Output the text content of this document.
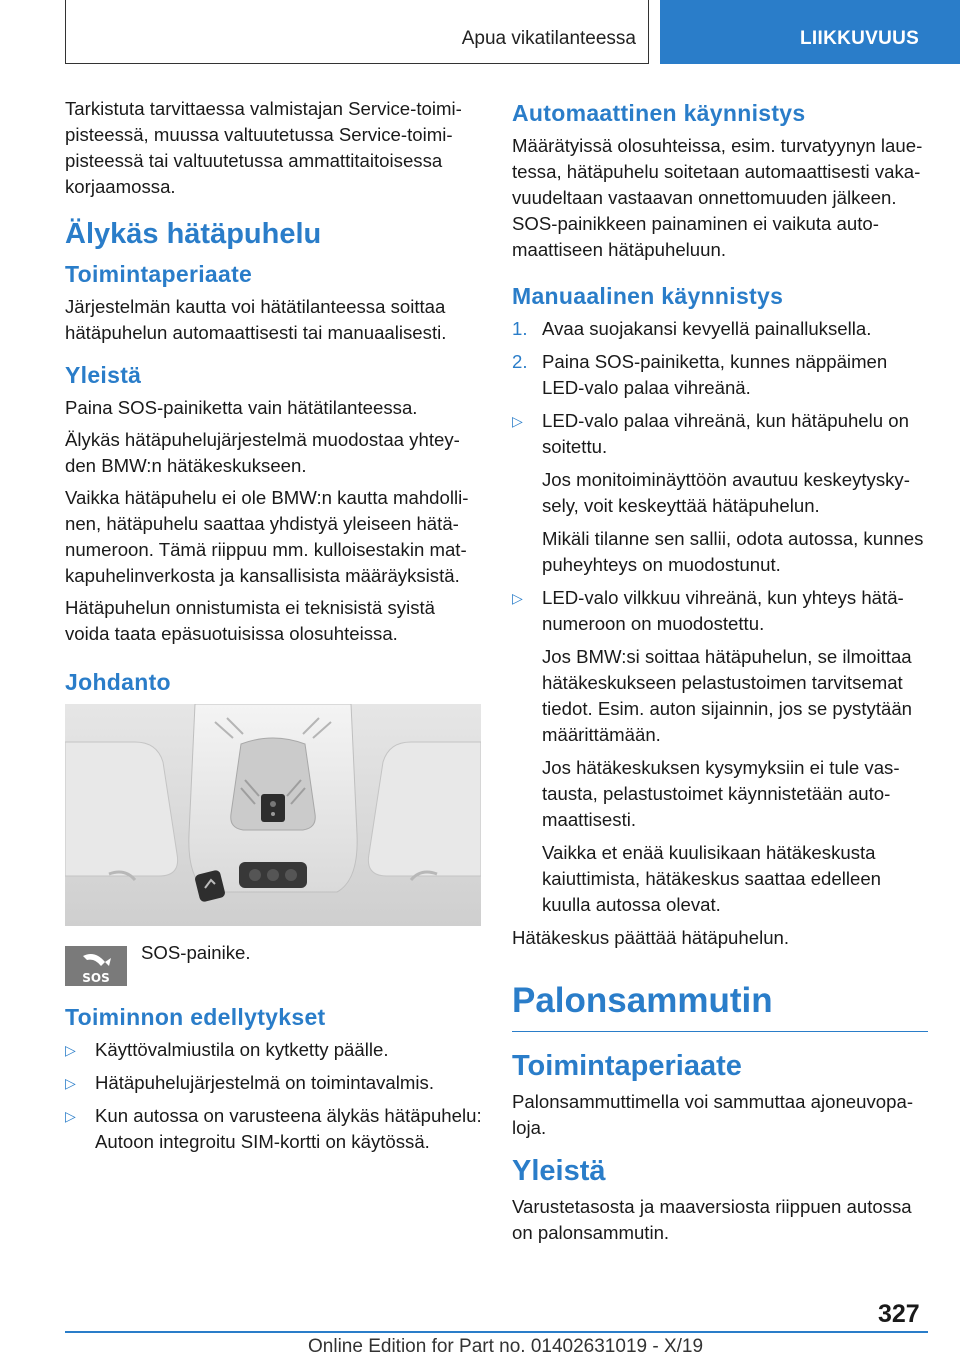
Apua vikatilanteessa	LIIKKUVUUS

Tarkistuta tarvittaessa valmistajan Service-toimipisteessä, muussa valtuutetussa Service-toimipisteessä tai valtuutetussa ammattitaitoisessa korjaamossa.

Älykäs hätäpuhelu
Toimintaperiaate

Järjestelmän kautta voi hätätilanteessa soittaa hätäpuhelun automaattisesti tai manuaalisesti.

Yleistä

Paina SOS-painiketta vain hätätilanteessa.

Älykäs hätäpuhelujärjestelmä muodostaa yhteyden BMW:n hätäkeskukseen.

Vaikka hätäpuhelu ei ole BMW:n kautta mahdollinen, hätäpuhelu saattaa yhdistyä yleiseen hätänumeroon. Tämä riippuu mm. kulloisestakin matkapuhelinverkosta ja kansallisista määräyksistä.

Hätäpuhelun onnistumista ei teknisistä syistä voida taata epäsuotuisissa olosuhteissa.

Johdanto
SOS
SOS-painike.
Toiminnon edellytykset
▷ Käyttövalmiustila on kytketty päälle.
▷ Hätäpuhelujärjestelmä on toimintavalmis.
▷ Kun autossa on varusteena älykäs hätäpuhelu: Autoon integroitu SIM-kortti on käytössä.
Automaattinen käynnistys

Määrätyissä olosuhteissa, esim. turvatyynyn lauetessa, hätäpuhelu soitetaan automaattisesti vakavuudeltaan vastaavan onnettomuuden jälkeen. SOS-painikkeen painaminen ei vaikuta automaattiseen hätäpuheluun.

Manuaalinen käynnistys
1. Avaa suojakansi kevyellä painalluksella.
2. Paina SOS-painiketta, kunnes näppäimen LED-valo palaa vihreänä.
▷ LED-valo palaa vihreänä, kun hätäpuhelu on soitettu.
Jos monitoiminäyttöön avautuu keskeytyskysely, voit keskeyttää hätäpuhelun.
Mikäli tilanne sen sallii, odota autossa, kunnes puheyhteys on muodostunut.
▷ LED-valo vilkkuu vihreänä, kun yhteys hätänumeroon on muodostettu.
Jos BMW:si soittaa hätäpuhelun, se ilmoittaa hätäkeskukseen pelastustoimen tarvitsemat tiedot. Esim. auton sijainnin, jos se pystytään määrittämään.
Jos hätäkeskuksen kysymyksiin ei tule vastausta, pelastustoimet käynnistetään automaattisesti.
Vaikka et enää kuulisikaan hätäkeskusta kaiuttimista, hätäkeskus saattaa edelleen kuulla autossa olevat.

Hätäkeskus päättää hätäpuhelun.

Palonsammutin
Toimintaperiaate

Palonsammuttimella voi sammuttaa ajoneuvopaloja.

Yleistä

Varustetasosta ja maaversiosta riippuen autossa on palonsammutin.

327
Online Edition for Part no. 01402631019 - X/19
